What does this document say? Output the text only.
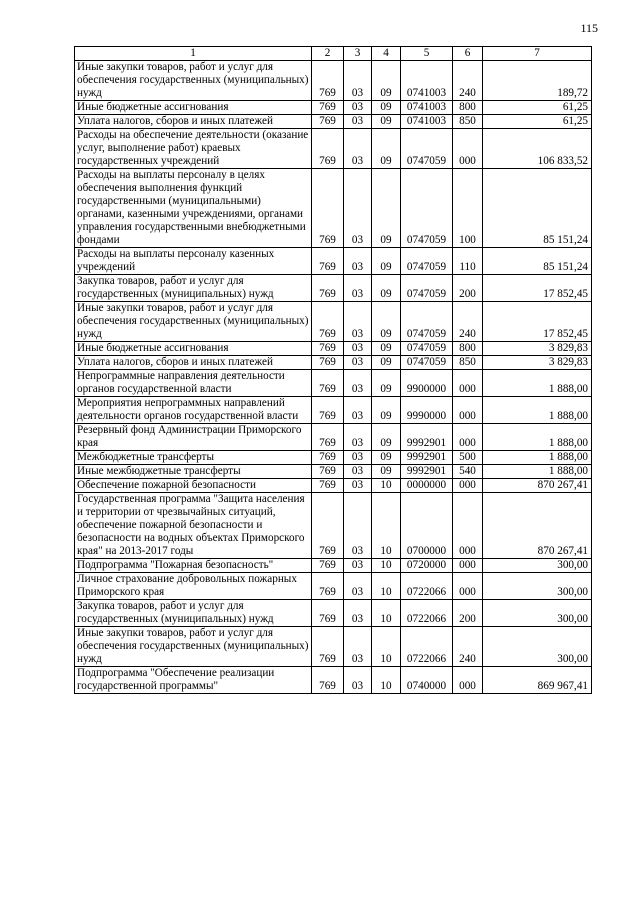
115
1	2	3	4	5	6	7
Иные закупки товаров, работ и услуг для обеспечения государственных (муниципальных) нужд	769	03	09	0741003	240	189,72
Иные бюджетные ассигнования	769	03	09	0741003	800	61,25
Уплата налогов, сборов и иных платежей	769	03	09	0741003	850	61,25
Расходы на обеспечение деятельности (оказание услуг, выполнение работ) краевых государственных учреждений	769	03	09	0747059	000	106 833,52
Расходы на выплаты персоналу в целях обеспечения выполнения функций государственными (муниципальными) органами, казенными учреждениями, органами управления государственными внебюджетными фондами	769	03	09	0747059	100	85 151,24
Расходы на выплаты персоналу казенных учреждений	769	03	09	0747059	110	85 151,24
Закупка товаров, работ и услуг для государственных (муниципальных) нужд	769	03	09	0747059	200	17 852,45
Иные закупки товаров, работ и услуг для обеспечения государственных (муниципальных) нужд	769	03	09	0747059	240	17 852,45
Иные бюджетные ассигнования	769	03	09	0747059	800	3 829,83
Уплата налогов, сборов и иных платежей	769	03	09	0747059	850	3 829,83
Непрограммные направления деятельности органов государственной власти	769	03	09	9900000	000	1 888,00
Мероприятия непрограммных направлений деятельности органов государственной власти	769	03	09	9990000	000	1 888,00
Резервный фонд Администрации Приморского края	769	03	09	9992901	000	1 888,00
Межбюджетные трансферты	769	03	09	9992901	500	1 888,00
Иные межбюджетные трансферты	769	03	09	9992901	540	1 888,00
Обеспечение пожарной безопасности	769	03	10	0000000	000	870 267,41
Государственная программа "Защита населения и территории от чрезвычайных ситуаций, обеспечение пожарной безопасности и безопасности на водных объектах Приморского края" на 2013-2017 годы	769	03	10	0700000	000	870 267,41
Подпрограмма "Пожарная безопасность"	769	03	10	0720000	000	300,00
Личное страхование добровольных пожарных Приморского края	769	03	10	0722066	000	300,00
Закупка товаров, работ и услуг для государственных (муниципальных) нужд	769	03	10	0722066	200	300,00
Иные закупки товаров, работ и услуг для обеспечения государственных (муниципальных) нужд	769	03	10	0722066	240	300,00
Подпрограмма "Обеспечение реализации государственной программы"	769	03	10	0740000	000	869 967,41
